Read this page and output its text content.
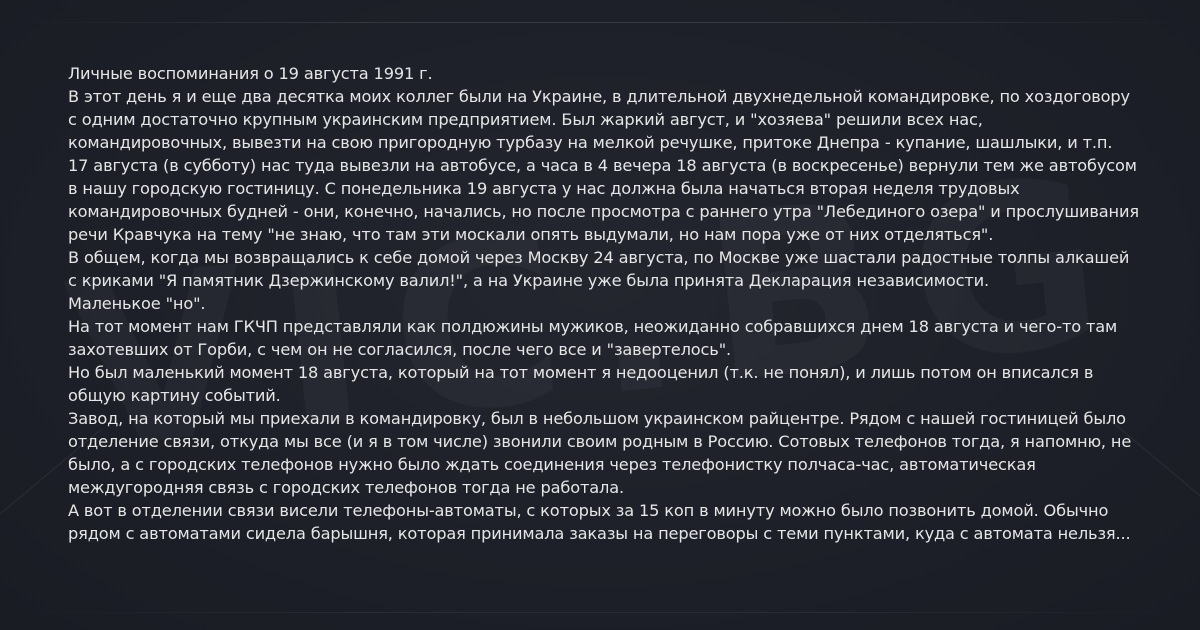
Личные воспоминания о 19 августа 1991 г.

В этот день я и еще два десятка моих коллег были на Украине, в длительной двухнедельной командировке, по хоздоговору с одним достаточно крупным украинским предприятием. Был жаркий август, и "хозяева" решили всех нас, командировочных, вывезти на свою пригородную турбазу на мелкой речушке, притоке Днепра - купание, шашлыки, и т.п.

17 августа (в субботу) нас туда вывезли на автобусе, а часа в 4 вечера 18 августа (в воскресенье) вернули тем же автобусом в нашу городскую гостиницу. С понедельника 19 августа у нас должна была начаться вторая неделя трудовых командировочных будней - они, конечно, начались, но после просмотра с раннего утра "Лебединого озера" и прослушивания речи Кравчука на тему "не знаю, что там эти москали опять выдумали, но нам пора уже от них отделяться".

В общем, когда мы возвращались к себе домой через Москву 24 августа, по Москве уже шастали радостные толпы алкашей с криками "Я памятник Дзержинскому валил!", а на Украине уже была принята Декларация независимости.

Маленькое "но".

На тот момент нам ГКЧП представляли как полдюжины мужиков, неожиданно собравшихся днем 18 августа и чего-то там захотевших от Горби, с чем он не согласился, после чего все и "завертелось".

Но был маленький момент 18 августа, который на тот момент я недооценил (т.к. не понял), и лишь потом он вписался в общую картину событий.

Завод, на который мы приехали в командировку, был в небольшом украинском райцентре. Рядом с нашей гостиницей было отделение связи, откуда мы все (и я в том числе) звонили своим родным в Россию. Сотовых телефонов тогда, я напомню, не было, а с городских телефонов нужно было ждать соединения через телефонистку полчаса-час, автоматическая междугородняя связь с городских телефонов тогда не работала.

А вот в отделении связи висели телефоны-автоматы, с которых за 15 коп в минуту можно было позвонить домой. Обычно рядом с автоматами сидела барышня, которая принимала заказы на переговоры с теми пунктами, куда с автомата нельзя...
